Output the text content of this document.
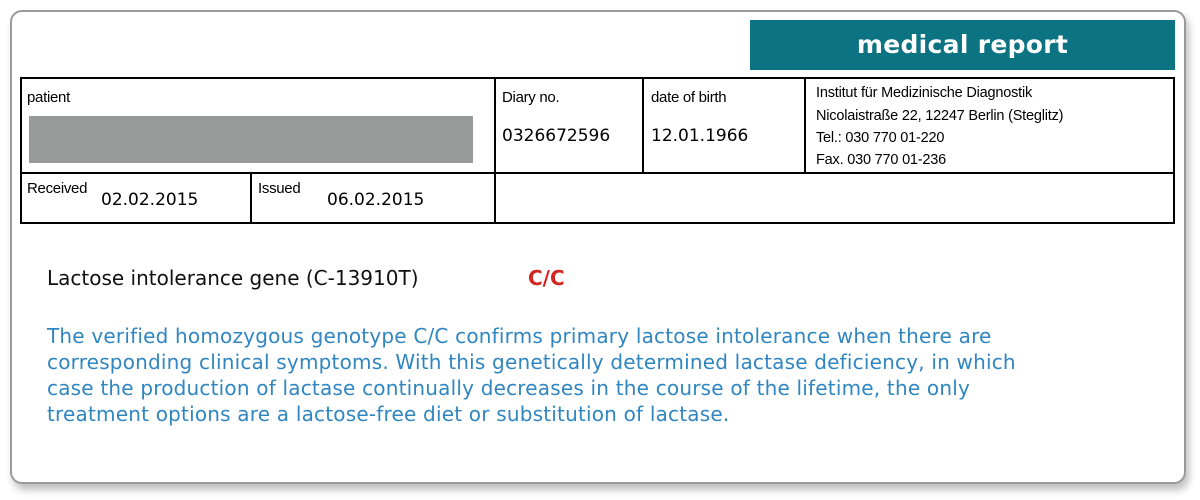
medical report
patient	Diary no.
0326672596
date of birth
12.01.1966
Institut für Medizinische Diagnostik
Nicolaistraße 22, 12247 Berlin (Steglitz)
Tel.: 030 770 01-220
Fax. 030 770 01-236
Received
02.02.2015
Issued
06.02.2015
Lactose intolerance gene (C-13910T)	C/C
The verified homozygous genotype C/C confirms primary lactose intolerance when there are
corresponding clinical symptoms. With this genetically determined lactase deficiency, in which
case the production of lactase continually decreases in the course of the lifetime, the only
treatment options are a lactose-free diet or substitution of lactase.
